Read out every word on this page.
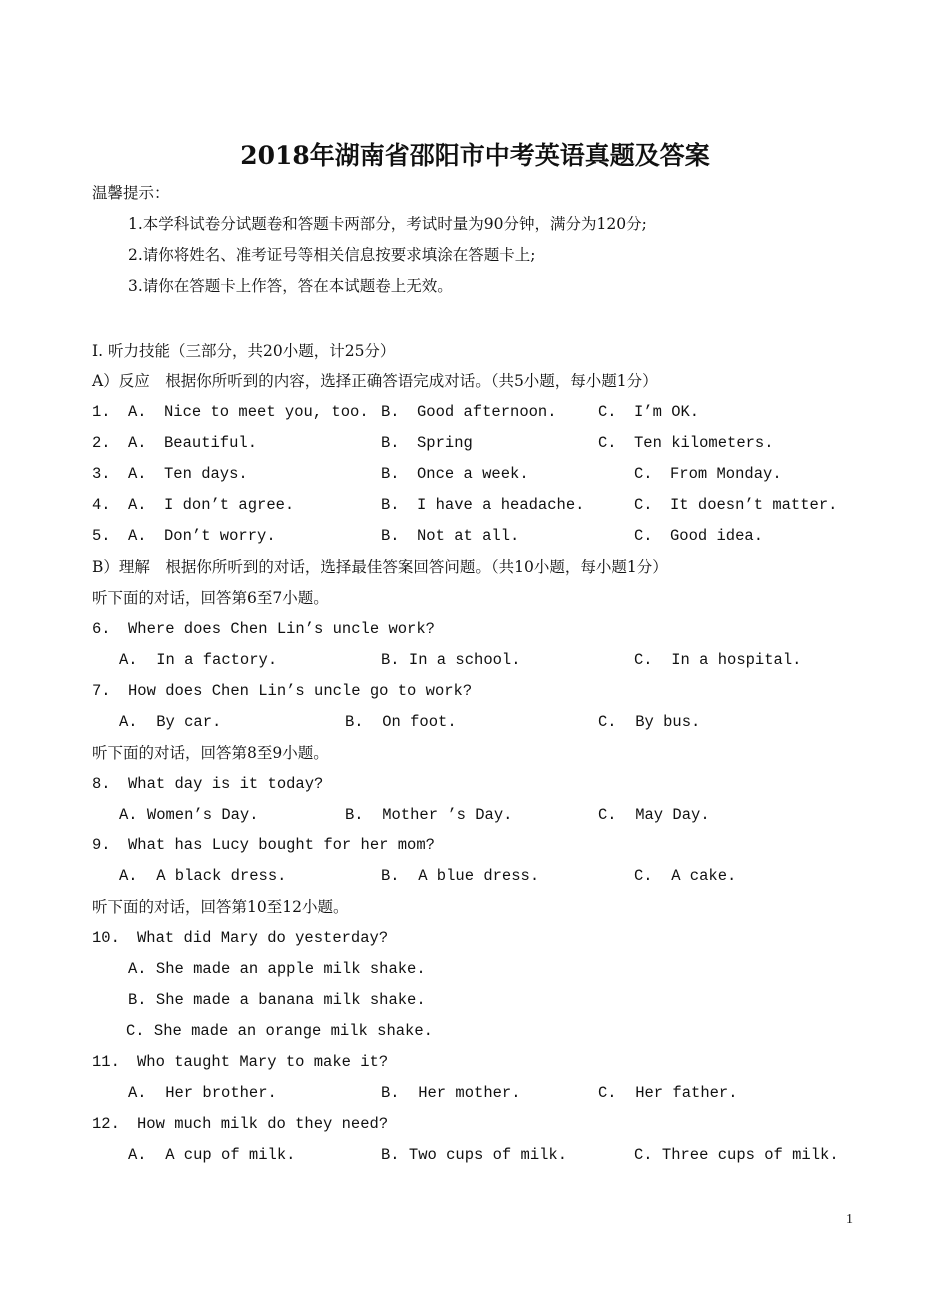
2018年湖南省邵阳市中考英语真题及答案
温馨提示：
1.本学科试卷分试题卷和答题卡两部分，考试时量为90分钟，满分为120分;
2.请你将姓名、准考证号等相关信息按要求填涂在答题卡上;
3.请你在答题卡上作答，答在本试题卷上无效。
Ⅰ. 听力技能（三部分，共20小题，计25分）
A）反应　根据你所听到的内容，选择正确答语完成对话。（共5小题，每小题1分）
1. A. Nice to meet you, too. B. Good afternoon.	C. I’m OK.
2. A. Beautiful.	B. Spring	C. Ten kilometers.
3. A. Ten days.	B. Once a week.	C. From Monday.
4. A. I don’t agree.	B. I have a headache.	C. It doesn’t matter.
5. A. Don’t worry.	B. Not at all.	C. Good idea.
B）理解　根据你所听到的对话，选择最佳答案回答问题。（共10小题，每小题1分）
听下面的对话，回答第6至7小题。
6. Where does Chen Lin’s uncle work?
A.  In a factory.	B. In a school.	C.  In a hospital.
7. How does Chen Lin’s uncle go to work?
A.  By car.	B.  On foot.	C.  By bus.
听下面的对话，回答第8至9小题。
8. What day is it today?
A. Women’s Day.	B.  Mother ’s Day.	C.  May Day.
9. What has Lucy bought for her mom?
A.  A black dress.	B.  A blue dress.	C.  A cake.
听下面的对话，回答第10至12小题。
10. What did Mary do yesterday?
A. She made an apple milk shake.
B. She made a banana milk shake.
C. She made an orange milk shake.
11. Who taught Mary to make it?
A.  Her brother.	B.  Her mother.	C.  Her father.
12. How much milk do they need?
A.  A cup of milk.	B. Two cups of milk.	C. Three cups of milk.
1
